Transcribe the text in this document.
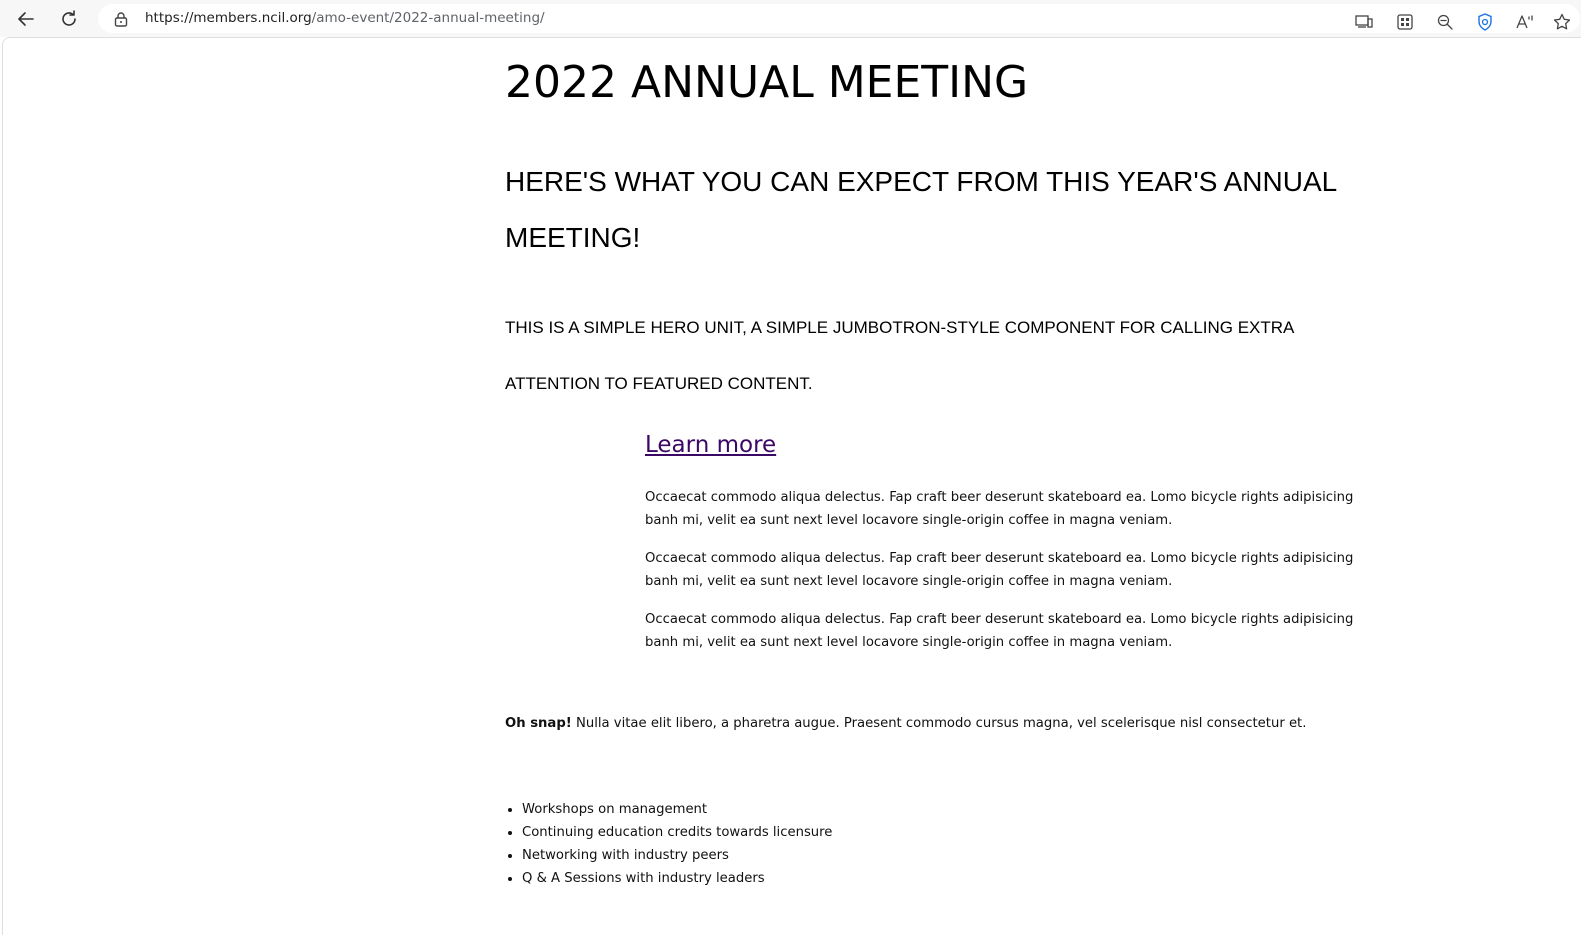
https://members.ncil.org/amo-event/2022-annual-meeting/
2022 ANNUAL MEETING
HERE'S WHAT YOU CAN EXPECT FROM THIS YEAR'S ANNUAL MEETING!

THIS IS A SIMPLE HERO UNIT, A SIMPLE JUMBOTRON-STYLE COMPONENT FOR CALLING EXTRA ATTENTION TO FEATURED CONTENT.

Learn more

Occaecat commodo aliqua delectus. Fap craft beer deserunt skateboard ea. Lomo bicycle rights adipisicing banh mi, velit ea sunt next level locavore single-origin coffee in magna veniam.

Occaecat commodo aliqua delectus. Fap craft beer deserunt skateboard ea. Lomo bicycle rights adipisicing banh mi, velit ea sunt next level locavore single-origin coffee in magna veniam.

Occaecat commodo aliqua delectus. Fap craft beer deserunt skateboard ea. Lomo bicycle rights adipisicing banh mi, velit ea sunt next level locavore single-origin coffee in magna veniam.

Oh snap! Nulla vitae elit libero, a pharetra augue. Praesent commodo cursus magna, vel scelerisque nisl consectetur et.
• Workshops on management
• Continuing education credits towards licensure
• Networking with industry peers
• Q & A Sessions with industry leaders
